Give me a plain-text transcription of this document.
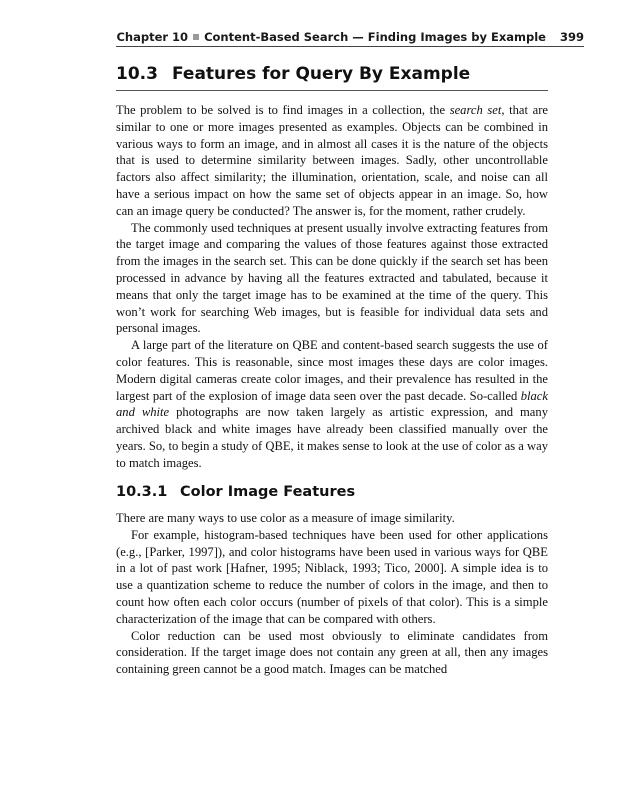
Chapter 10 Content-Based Search — Finding Images by Example 399
10.3 Features for Query By Example

The problem to be solved is to find images in a collection, the search set, that are similar to one or more images presented as examples. Objects can be combined in various ways to form an image, and in almost all cases it is the nature of the objects that is used to determine similarity between images. Sadly, other uncontrollable factors also affect similarity; the illumination, orientation, scale, and noise can all have a serious impact on how the same set of objects appear in an image. So, how can an image query be conducted? The answer is, for the moment, rather crudely.

The commonly used techniques at present usually involve extracting features from the target image and comparing the values of those features against those extracted from the images in the search set. This can be done quickly if the search set has been processed in advance by having all the features extracted and tabulated, because it means that only the target image has to be examined at the time of the query. This won’t work for searching Web images, but is feasible for individual data sets and personal images.

A large part of the literature on QBE and content-based search suggests the use of color features. This is reasonable, since most images these days are color images. Modern digital cameras create color images, and their prevalence has resulted in the largest part of the explosion of image data seen over the past decade. So-called black and white photographs are now taken largely as artistic expression, and many archived black and white images have already been classified manually over the years. So, to begin a study of QBE, it makes sense to look at the use of color as a way to match images.

10.3.1 Color Image Features

There are many ways to use color as a measure of image similarity.

For example, histogram-based techniques have been used for other applications (e.g., [Parker, 1997]), and color histograms have been used in various ways for QBE in a lot of past work [Hafner, 1995; Niblack, 1993; Tico, 2000]. A simple idea is to use a quantization scheme to reduce the number of colors in the image, and then to count how often each color occurs (number of pixels of that color). This is a simple characterization of the image that can be compared with others.

Color reduction can be used most obviously to eliminate candidates from consideration. If the target image does not contain any green at all, then any images containing green cannot be a good match. Images can be matched
